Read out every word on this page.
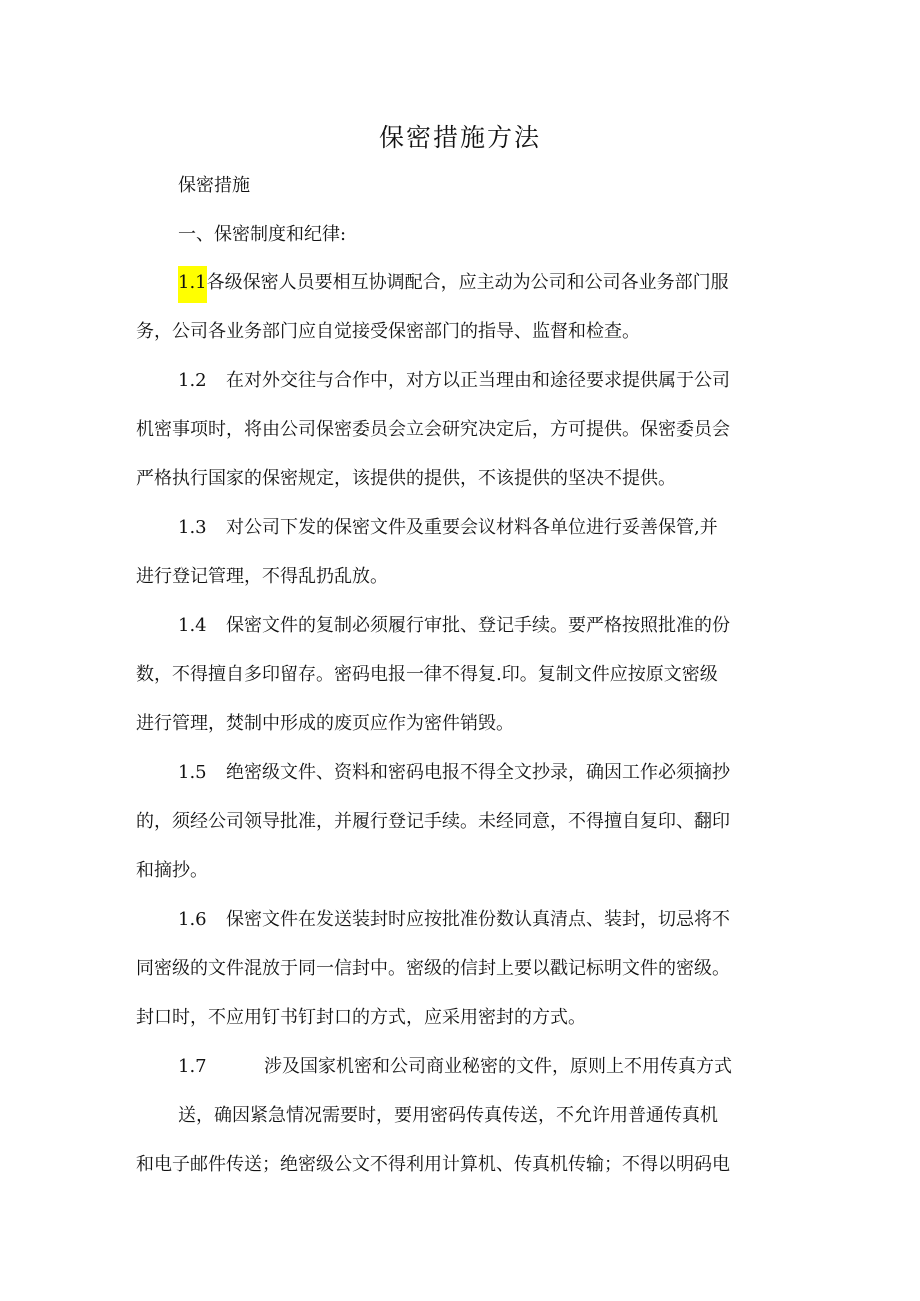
保密措施方法

保密措施

一、保密制度和纪律:

1.1各级保密人员要相互协调配合，应主动为公司和公司各业务部门服

务，公司各业务部门应自觉接受保密部门的指导、监督和检查。

1.2 在对外交往与合作中，对方以正当理由和途径要求提供属于公司

机密事项时，将由公司保密委员会立会研究决定后，方可提供。保密委员会

严格执行国家的保密规定，该提供的提供，不该提供的坚决不提供。

1.3 对公司下发的保密文件及重要会议材料各单位进行妥善保管,并

进行登记管理，不得乱扔乱放。

1.4 保密文件的复制必须履行审批、登记手续。要严格按照批准的份

数，不得擅自多印留存。密码电报一律不得复.印。复制文件应按原文密级

进行管理，焚制中形成的废页应作为密件销毁。

1.5 绝密级文件、资料和密码电报不得全文抄录，确因工作必须摘抄

的，须经公司领导批准，并履行登记手续。未经同意，不得擅自复印、翻印

和摘抄。

1.6 保密文件在发送装封时应按批准份数认真清点、装封，切忌将不

同密级的文件混放于同一信封中。密级的信封上要以戳记标明文件的密级。

封口时，不应用钉书钉封口的方式，应采用密封的方式。

1.7	涉及国家机密和公司商业秘密的文件，原则上不用传真方式

送，确因紧急情况需要时，要用密码传真传送，不允许用普通传真机

和电子邮件传送；绝密级公文不得利用计算机、传真机传输；不得以明码电
